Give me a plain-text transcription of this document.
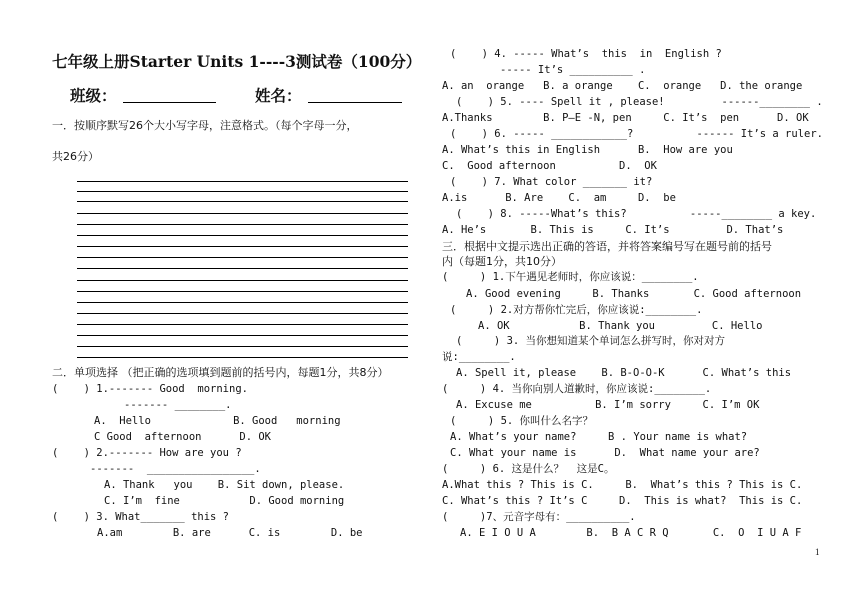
七年级上册Starter Units 1----3测试卷（100分）
班级：	姓名：
一．按顺序默写26个大小写字母，注意格式。（每个字母一分，
共26分）
二．单项选择 （把正确的选项填到题前的括号内，每题1分，共8分）
(    ) 1.------- Good  morning.
------- ________.
A.  Hello             B. Good   morning
C Good  afternoon      D. OK
(    ) 2.------- How are you ?
-------  _________________.
A. Thank   you    B. Sit down, please.
C. I’m  fine           D. Good morning
(    ) 3. What_______ this ?
A.am        B. are      C. is        D. be
(    ) 4. ----- What’s  this  in  English ?
----- It’s __________ .
A. an  orange   B. a orange    C.  orange   D. the orange
(    ) 5. ---- Spell it , please!         ------________ .
A.Thanks        B. P—E -N, pen     C. It’s  pen      D. OK
(    ) 6. ----- ____________?          ------ It’s a ruler.
A. What’s this in English      B.  How are you
C.  Good afternoon          D.  OK
(    ) 7. What color _______ it?
A.is      B. Are    C.  am     D.  be
(    ) 8. -----What’s this?          -----________ a key.
A. He’s       B. This is     C. It’s         D. That’s
三．根据中文提示选出正确的答语，并将答案编号写在题号前的括号
内（每题1分，共10分）
(     ) 1.下午遇见老师时，你应该说：________.
A. Good evening     B. Thanks       C. Good afternoon
(     ) 2.对方帮你忙完后，你应该说:________.
A. OK           B. Thank you         C. Hello
(     ) 3. 当你想知道某个单词怎么拼写时，你对对方
说:________.
A. Spell it, please    B. B-O-O-K      C. What’s this
(     ) 4. 当你向别人道歉时，你应该说:________.
A. Excuse me          B. I’m sorry     C. I’m OK
(     ) 5. 你叫什么名字？
A. What’s your name?     B . Your name is what?
C. What your name is      D.  What name your are?
(     ) 6. 这是什么？  这是C。
A.What this ? This is C.     B.  What’s this ? This is C.
C. What’s this ? It’s C     D.  This is what?  This is C.
(     )7、元音字母有：__________.
A. E I O U A        B.  B A C R Q       C.  O  I U A F
1
